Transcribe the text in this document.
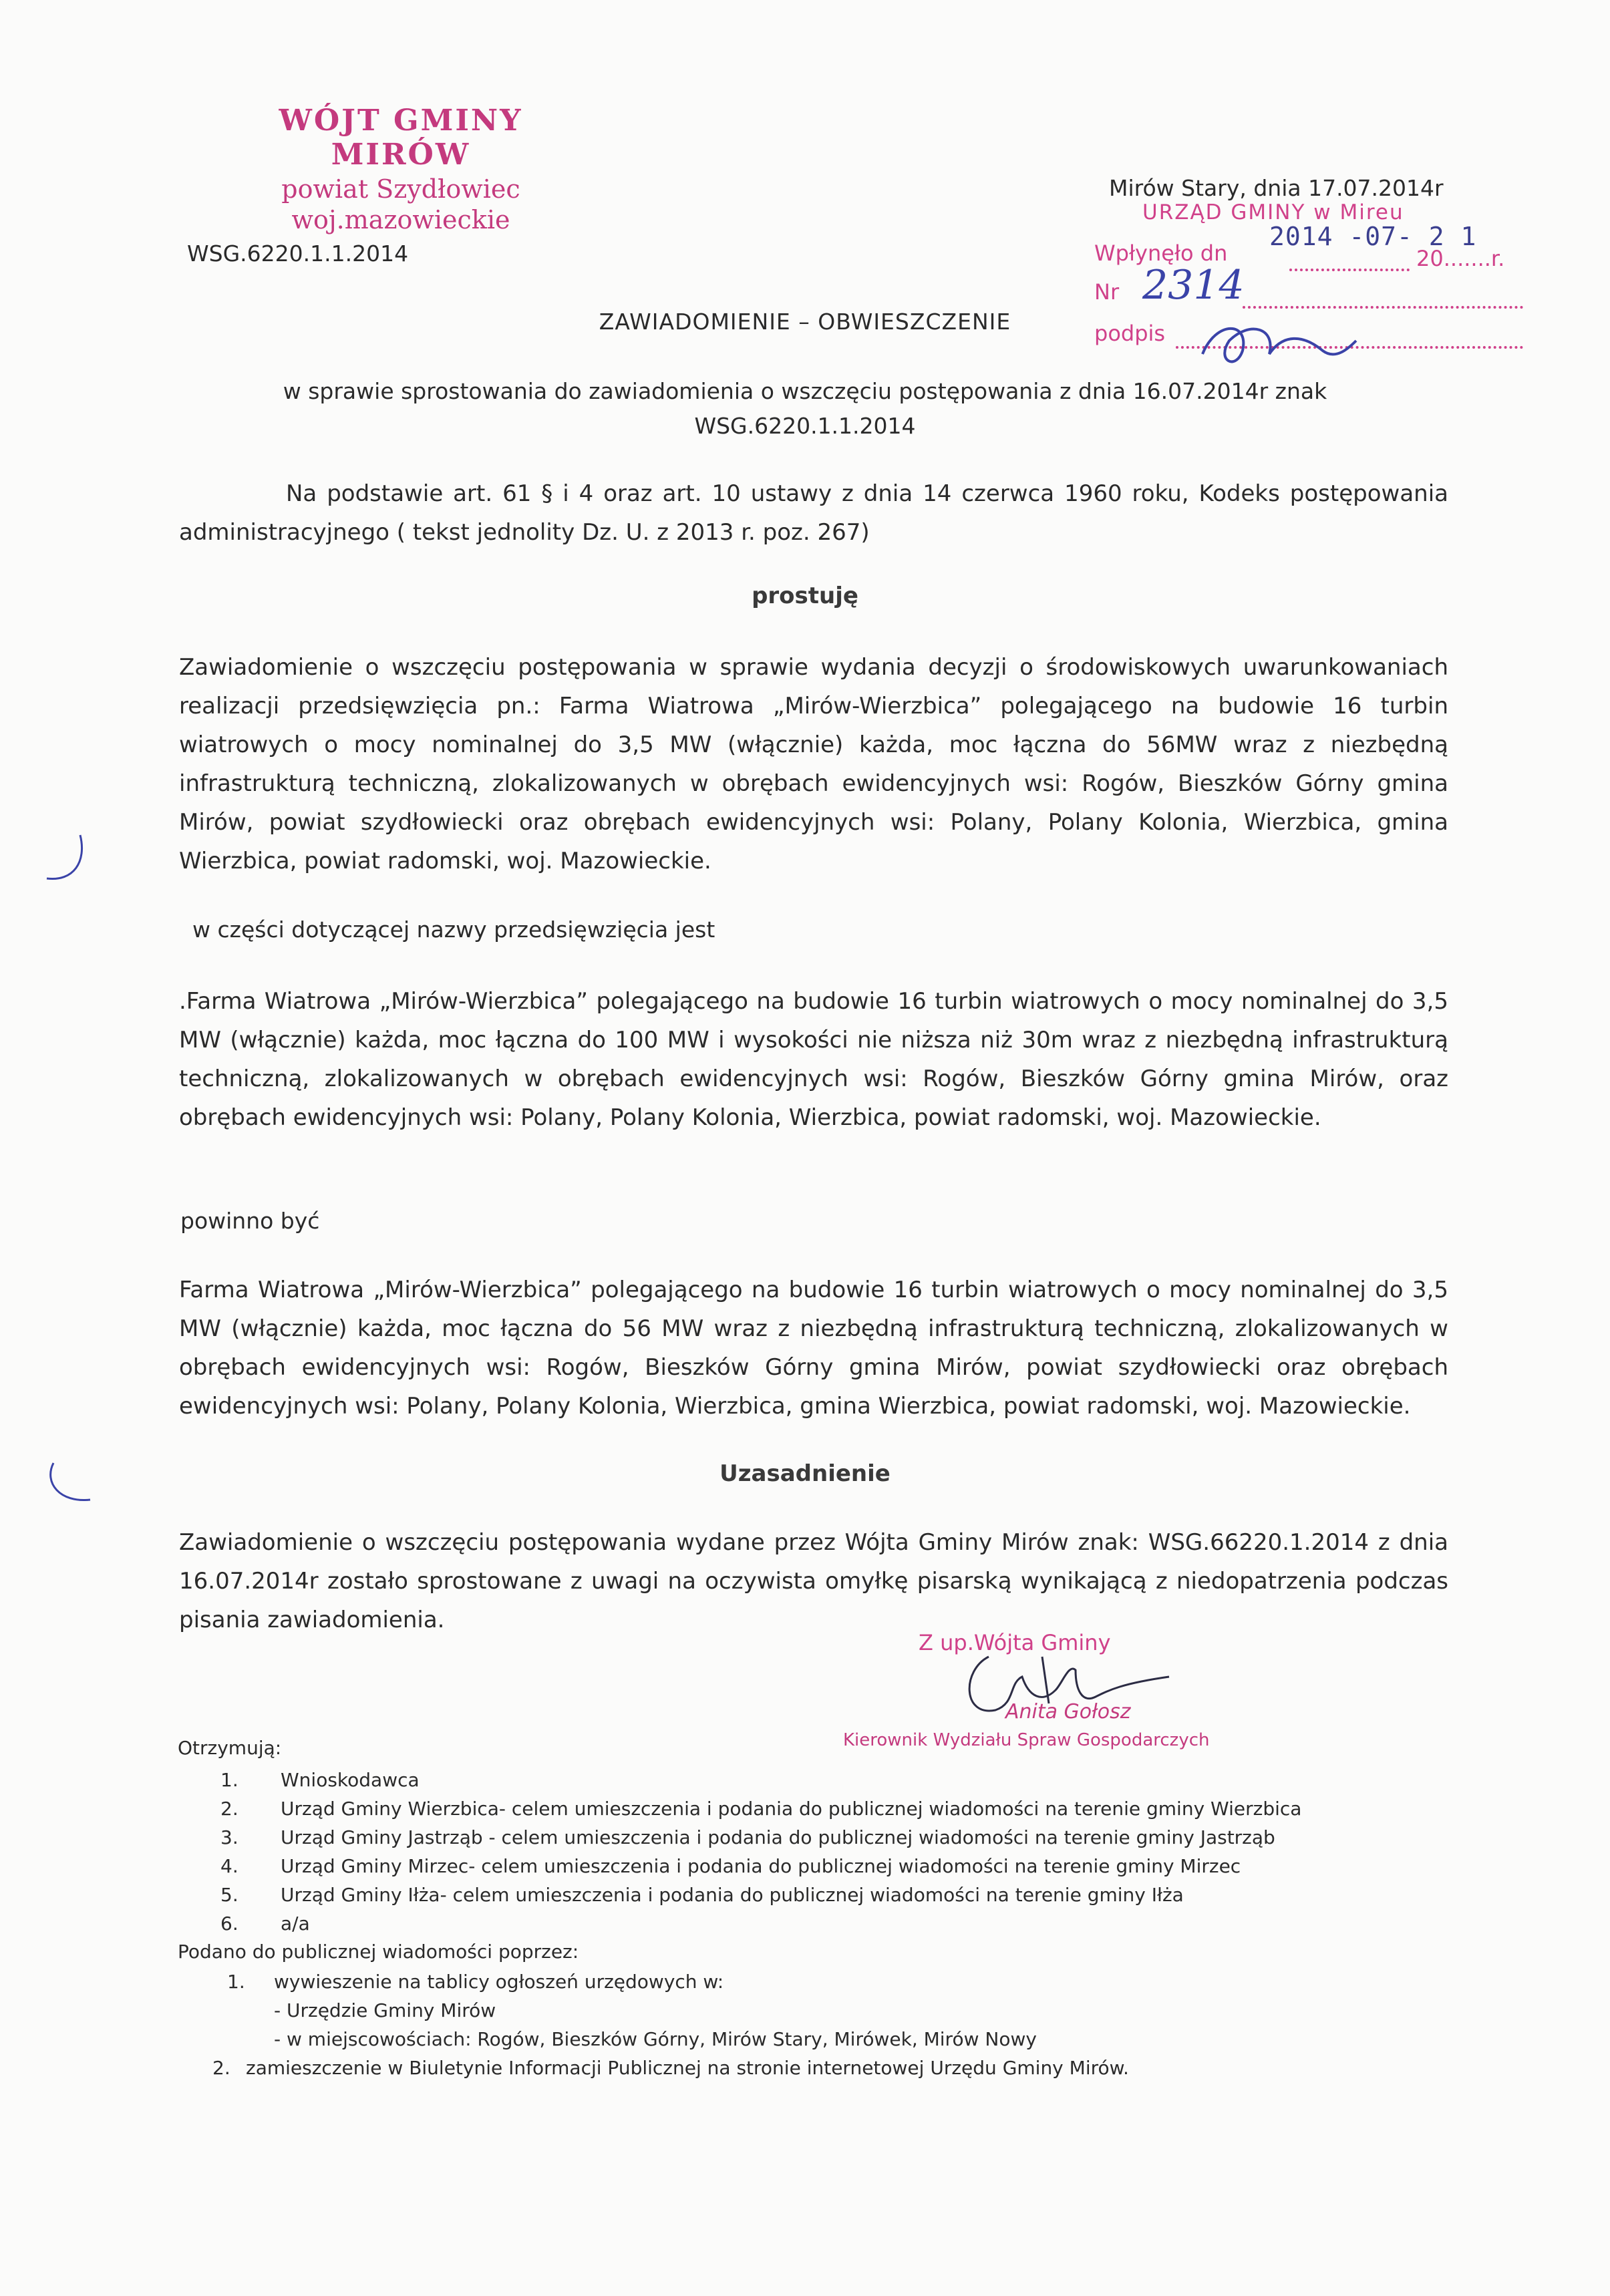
WÓJT GMINY MIRÓW
powiat Szydłowiec
woj.mazowieckie
WSG.6220.1.1.2014
Mirów Stary, dnia 17.07.2014r
URZĄD GMINY w Mireu
Wpłynęło dn
2014 -07- 2 1
20.......r.
Nr 2314
podpis
ZAWIADOMIENIE – OBWIESZCZENIE
w sprawie sprostowania do zawiadomienia o wszczęciu postępowania z dnia 16.07.2014r znak
WSG.6220.1.1.2014
Na podstawie art. 61 § i 4 oraz art. 10 ustawy z dnia 14 czerwca 1960 roku, Kodeks postępowania administracyjnego ( tekst jednolity Dz. U. z 2013 r. poz. 267)
prostuję
Zawiadomienie o wszczęciu postępowania w sprawie wydania decyzji o środowiskowych uwarunkowaniach realizacji przedsięwzięcia pn.: Farma Wiatrowa „Mirów-Wierzbica” polegającego na budowie 16 turbin wiatrowych o mocy nominalnej do 3,5 MW (włącznie) każda, moc łączna do 56MW wraz z niezbędną infrastrukturą techniczną, zlokalizowanych w obrębach ewidencyjnych wsi: Rogów, Bieszków Górny gmina Mirów, powiat szydłowiecki oraz obrębach ewidencyjnych wsi: Polany, Polany Kolonia, Wierzbica, gmina Wierzbica, powiat radomski, woj. Mazowieckie.
w części dotyczącej nazwy przedsięwzięcia jest
.Farma Wiatrowa „Mirów-Wierzbica” polegającego na budowie 16 turbin wiatrowych o mocy nominalnej do 3,5 MW (włącznie) każda, moc łączna do 100 MW i wysokości nie niższa niż 30m wraz z niezbędną infrastrukturą techniczną, zlokalizowanych w obrębach ewidencyjnych wsi: Rogów, Bieszków Górny gmina Mirów, oraz obrębach ewidencyjnych wsi: Polany, Polany Kolonia, Wierzbica, powiat radomski, woj. Mazowieckie.
powinno być
Farma Wiatrowa „Mirów-Wierzbica” polegającego na budowie 16 turbin wiatrowych o mocy nominalnej do 3,5 MW (włącznie) każda, moc łączna do 56 MW wraz z niezbędną infrastrukturą techniczną, zlokalizowanych w obrębach ewidencyjnych wsi: Rogów, Bieszków Górny gmina Mirów, powiat szydłowiecki oraz obrębach ewidencyjnych wsi: Polany, Polany Kolonia, Wierzbica, gmina Wierzbica, powiat radomski, woj. Mazowieckie.
Uzasadnienie
Zawiadomienie o wszczęciu postępowania wydane przez Wójta Gminy Mirów znak: WSG.66220.1.2014 z dnia 16.07.2014r zostało sprostowane z uwagi na oczywista omyłkę pisarską wynikającą z niedopatrzenia podczas pisania zawiadomienia.
Z up.Wójta Gminy
Anita Gołosz
Kierownik Wydziału Spraw Gospodarczych
Otrzymują:
1. Wnioskodawca
2. Urząd Gminy Wierzbica- celem umieszczenia i podania do publicznej wiadomości na terenie gminy Wierzbica
3. Urząd Gminy Jastrząb - celem umieszczenia i podania do publicznej wiadomości na terenie gminy Jastrząb
4. Urząd Gminy Mirzec- celem umieszczenia i podania do publicznej wiadomości na terenie gminy Mirzec
5. Urząd Gminy Iłża- celem umieszczenia i podania do publicznej wiadomości na terenie gminy Iłża
6. a/a
Podano do publicznej wiadomości poprzez:
1. wywieszenie na tablicy ogłoszeń urzędowych w:
- Urzędzie Gminy Mirów
- w miejscowościach: Rogów, Bieszków Górny, Mirów Stary, Mirówek, Mirów Nowy
2. zamieszczenie w Biuletynie Informacji Publicznej na stronie internetowej Urzędu Gminy Mirów.
